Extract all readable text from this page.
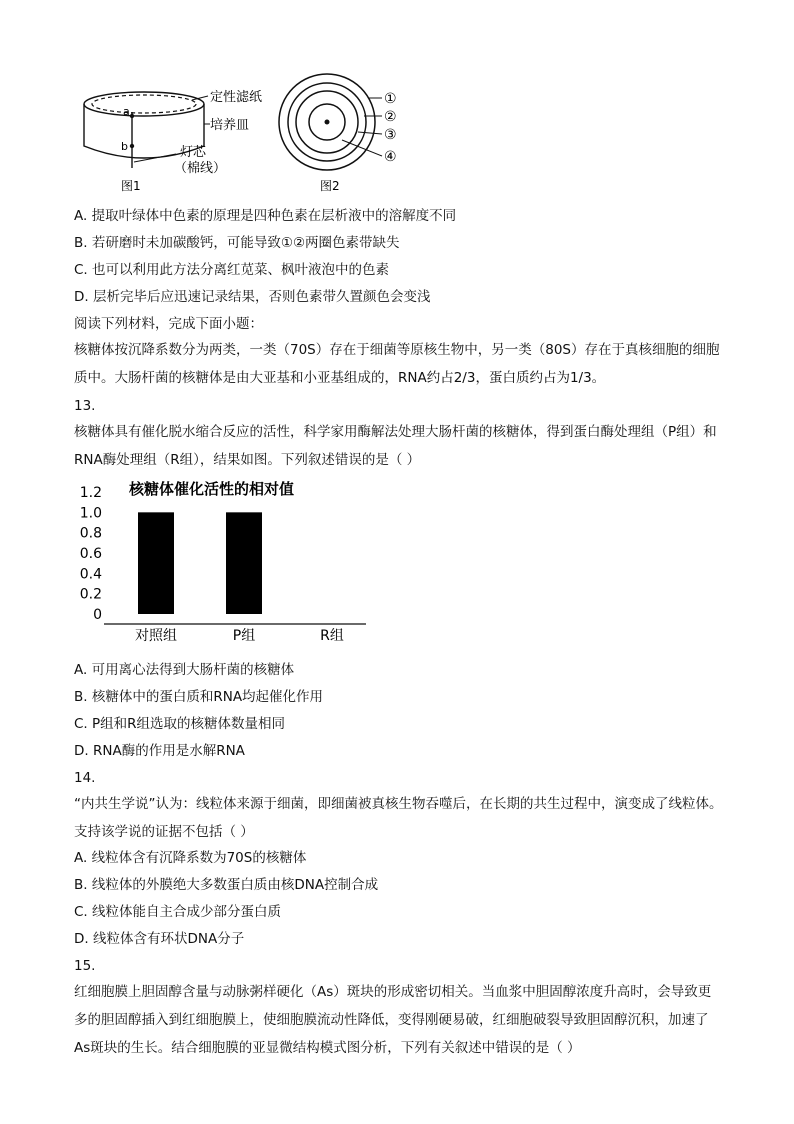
a
b
定性滤纸
培养皿
灯芯
（棉线）
图1
①
②
③
④
图2
A. 提取叶绿体中色素的原理是四种色素在层析液中的溶解度不同
B. 若研磨时未加碳酸钙，可能导致①②两圈色素带缺失
C. 也可以利用此方法分离红苋菜、枫叶液泡中的色素
D. 层析完毕后应迅速记录结果，否则色素带久置颜色会变浅
阅读下列材料，完成下面小题：
核糖体按沉降系数分为两类，一类（70S）存在于细菌等原核生物中，另一类（80S）存在于真核细胞的细胞质中。大肠杆菌的核糖体是由大亚基和小亚基组成的，RNA约占2/3，蛋白质约占为1/3。
13.
核糖体具有催化脱水缩合反应的活性，科学家用酶解法处理大肠杆菌的核糖体，得到蛋白酶处理组（P组）和RNA酶处理组（R组），结果如图。下列叙述错误的是（ ）
核糖体催化活性的相对值
1.2
1.0
0.8
0.6
0.4
0.2
0
对照组	P组	R组
A. 可用离心法得到大肠杆菌的核糖体
B. 核糖体中的蛋白质和RNA均起催化作用
C. P组和R组选取的核糖体数量相同
D. RNA酶的作用是水解RNA
14.
“内共生学说”认为：线粒体来源于细菌，即细菌被真核生物吞噬后，在长期的共生过程中，演变成了线粒体。支持该学说的证据不包括（ ）
A. 线粒体含有沉降系数为70S的核糖体
B. 线粒体的外膜绝大多数蛋白质由核DNA控制合成
C. 线粒体能自主合成少部分蛋白质
D. 线粒体含有环状DNA分子
15.
红细胞膜上胆固醇含量与动脉粥样硬化（As）斑块的形成密切相关。当血浆中胆固醇浓度升高时，会导致更多的胆固醇插入到红细胞膜上，使细胞膜流动性降低，变得刚硬易破，红细胞破裂导致胆固醇沉积，加速了As斑块的生长。结合细胞膜的亚显微结构模式图分析，下列有关叙述中错误的是（ ）
